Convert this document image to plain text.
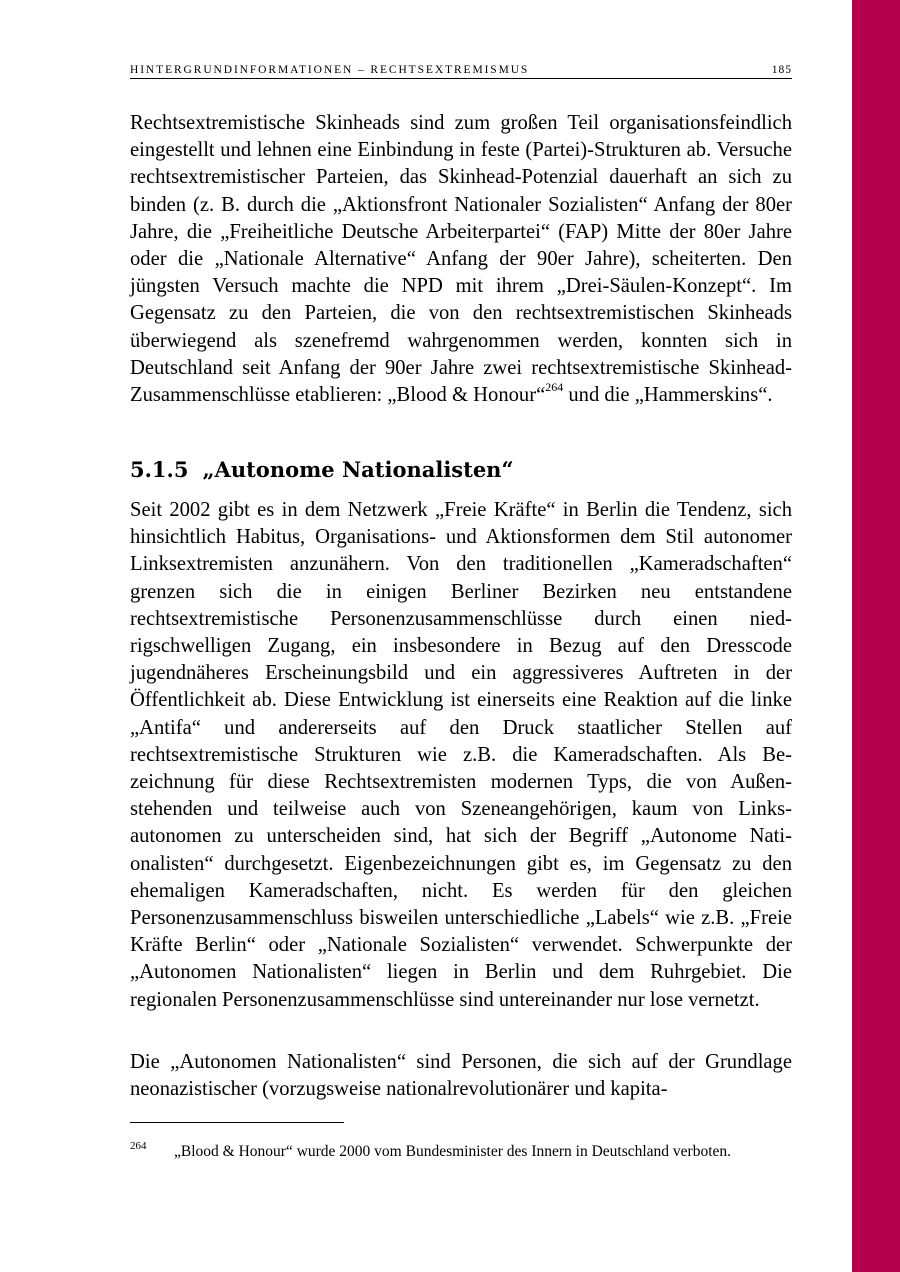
HINTERGRUNDINFORMATIONEN – RECHTSEXTREMISMUS	185

Rechtsextremistische Skinheads sind zum großen Teil organisationsfeindlich eingestellt und lehnen eine Einbindung in feste (Partei)-Strukturen ab. Versuche rechtsextremistischer Parteien, das Skinhead-Potenzial dauerhaft an sich zu binden (z. B. durch die „Aktionsfront Nationaler Sozialisten“ Anfang der 80er Jahre, die „Freiheitliche Deutsche Arbeiterpartei“ (FAP) Mitte der 80er Jahre oder die „Nationale Alternative“ Anfang der 90er Jahre), scheiterten. Den jüngsten Versuch machte die NPD mit ihrem „Drei-Säulen-Konzept“. Im Gegensatz zu den Parteien, die von den rechtsextremistischen Skinheads überwiegend als szenefremd wahrgenommen werden, konnten sich in Deutschland seit Anfang der 90er Jahre zwei rechtsextremistische Skinhead-Zusammenschlüsse etablieren: „Blood & Honour“$^{264}$ und die „Hammerskins“.

5.1.5 „Autonome Nationalisten“

Seit 2002 gibt es in dem Netzwerk „Freie Kräfte“ in Berlin die Tendenz, sich hinsichtlich Habitus, Organisations- und Aktionsformen dem Stil autonomer Linksextremisten anzunähern. Von den traditionellen „Kameradschaften“ grenzen sich die in einigen Berliner Bezirken neu entstandene rechtsextremistische Personenzusammenschlüsse durch einen niedrigschwelligen Zugang, ein insbesondere in Bezug auf den Dresscode jugendnäheres Erscheinungsbild und ein aggressiveres Auftreten in der Öffentlichkeit ab. Diese Entwicklung ist einerseits eine Reaktion auf die linke „Antifa“ und andererseits auf den Druck staatlicher Stellen auf rechtsextremistische Strukturen wie z.B. die Kameradschaften. Als Bezeichnung für diese Rechtsextremisten modernen Typs, die von Außenstehenden und teilweise auch von Szeneangehörigen, kaum von Linksautonomen zu unterscheiden sind, hat sich der Begriff „Autonome Nationalisten“ durchgesetzt. Eigenbezeichnungen gibt es, im Gegensatz zu den ehemaligen Kameradschaften, nicht. Es werden für den gleichen Personenzusammenschluss bisweilen unterschiedliche „Labels“ wie z.B. „Freie Kräfte Berlin“ oder „Nationale Sozialisten“ verwendet. Schwerpunkte der „Autonomen Nationalisten“ liegen in Berlin und dem Ruhrgebiet. Die regionalen Personenzusammenschlüsse sind untereinander nur lose vernetzt.

Die „Autonomen Nationalisten“ sind Personen, die sich auf der Grundlage neonazistischer (vorzugsweise nationalrevolutionärer und kapita-

264 „Blood & Honour“ wurde 2000 vom Bundesminister des Innern in Deutschland verboten.
